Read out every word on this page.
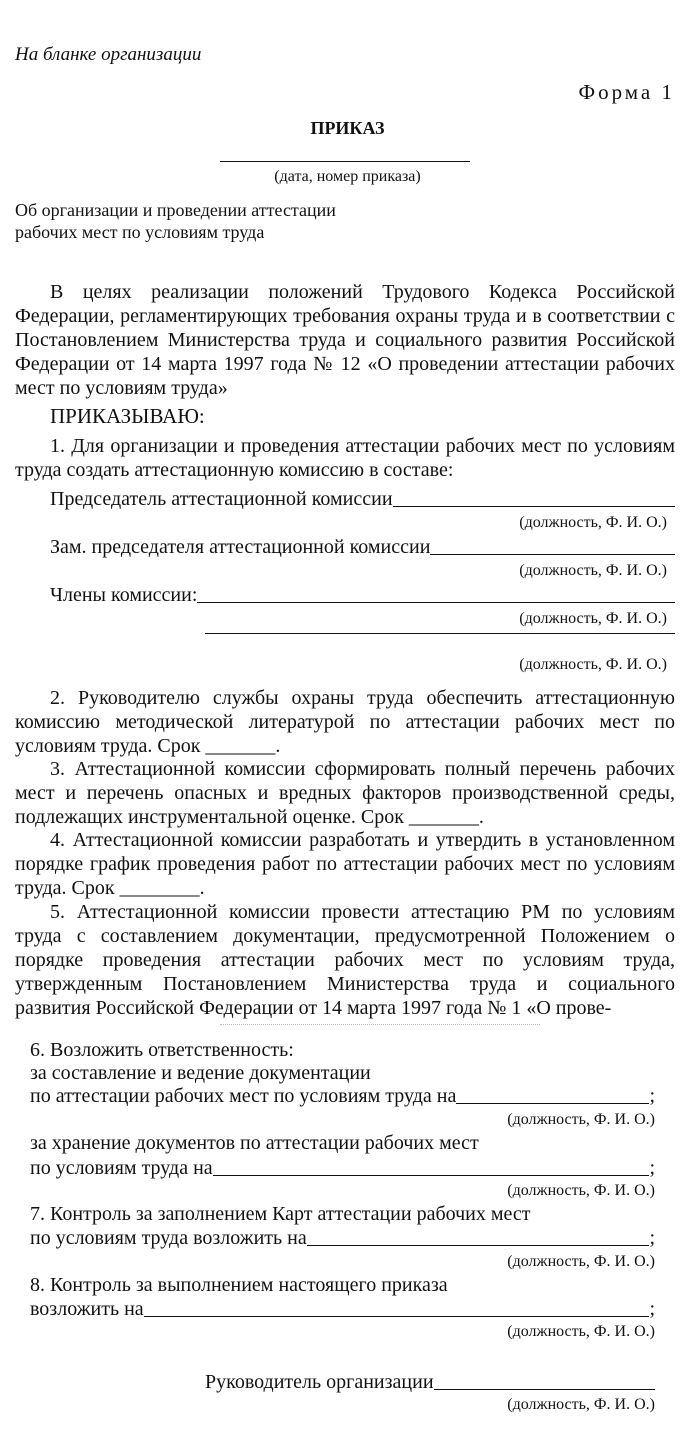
На бланке организации
Форма 1
ПРИКАЗ
(дата, номер приказа)
Об организации и проведении аттестации
рабочих мест по условиям труда
В целях реализации положений Трудового Кодекса Российской Федерации, регламентирующих требования охраны труда и в соответствии с Постановлением Министерства труда и социального развития Российской Федерации от 14 марта 1997 года № 12 «О проведении аттестации рабочих мест по условиям труда»
ПРИКАЗЫВАЮ:
1. Для организации и проведения аттестации рабочих мест по условиям труда создать аттестационную комиссию в составе:
Председатель аттестационной комиссии
(должность, Ф. И. О.)
Зам. председателя аттестационной комиссии
(должность, Ф. И. О.)
Члены комиссии:
(должность, Ф. И. О.)
(должность, Ф. И. О.)
2. Руководителю службы охраны труда обеспечить аттестационную комиссию методической литературой по аттестации рабочих мест по условиям труда. Срок _______.
3. Аттестационной комиссии сформировать полный перечень рабочих мест и перечень опасных и вредных факторов производственной среды, подлежащих инструментальной оценке. Срок _______.
4. Аттестационной комиссии разработать и утвердить в установленном порядке график проведения работ по аттестации рабочих мест по условиям труда. Срок ________.
5. Аттестационной комиссии провести аттестацию РМ по условиям труда с составлением документации, предусмотренной Положением о порядке проведения аттестации рабочих мест по условиям труда, утвержденным Постановлением Министерства труда и социального развития Российской Федерации от 14 марта 1997 года № 1 «О прове-
6. Возложить ответственность:
за составление и ведение документации
по аттестации рабочих мест по условиям труда на	;
(должность, Ф. И. О.)
за хранение документов по аттестации рабочих мест
по условиям труда на	;
(должность, Ф. И. О.)
7. Контроль за заполнением Карт аттестации рабочих мест
по условиям труда возложить на	;
(должность, Ф. И. О.)
8. Контроль за выполнением настоящего приказа
возложить на	;
(должность, Ф. И. О.)
Руководитель организации
(должность, Ф. И. О.)
